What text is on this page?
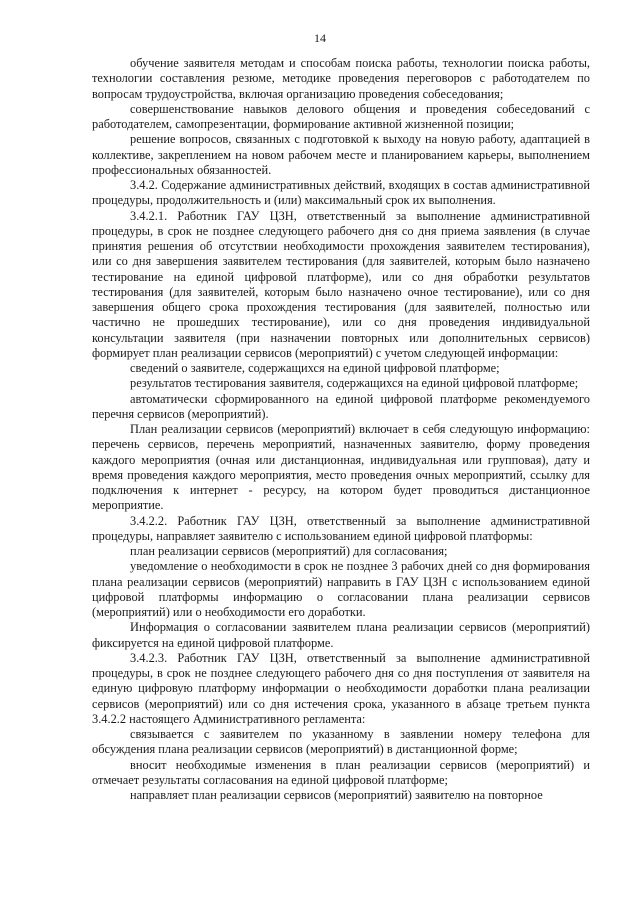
14

обучение заявителя методам и способам поиска работы, технологии поиска работы, технологии составления резюме, методике проведения переговоров с работодателем по вопросам трудоустройства, включая организацию проведения собеседования;

совершенствование навыков делового общения и проведения собеседований с работодателем, самопрезентации, формирование активной жизненной позиции;

решение вопросов, связанных с подготовкой к выходу на новую работу, адаптацией в коллективе, закреплением на новом рабочем месте и планированием карьеры, выполнением профессиональных обязанностей.

3.4.2. Содержание административных действий, входящих в состав административной процедуры, продолжительность и (или) максимальный срок их выполнения.

3.4.2.1. Работник ГАУ ЦЗН, ответственный за выполнение административной процедуры, в срок не позднее следующего рабочего дня со дня приема заявления (в случае принятия решения об отсутствии необходимости прохождения заявителем тестирования), или со дня завершения заявителем тестирования (для заявителей, которым было назначено тестирование на единой цифровой платформе), или со дня обработки результатов тестирования (для заявителей, которым было назначено очное тестирование), или со дня завершения общего срока прохождения тестирования (для заявителей, полностью или частично не прошедших тестирование), или со дня проведения индивидуальной консультации заявителя (при назначении повторных или дополнительных сервисов) формирует план реализации сервисов (мероприятий) с учетом следующей информации:

сведений о заявителе, содержащихся на единой цифровой платформе;

результатов тестирования заявителя, содержащихся на единой цифровой платформе;

автоматически сформированного на единой цифровой платформе рекомендуемого перечня сервисов (мероприятий).

План реализации сервисов (мероприятий) включает в себя следующую информацию: перечень сервисов, перечень мероприятий, назначенных заявителю, форму проведения каждого мероприятия (очная или дистанционная, индивидуальная или групповая), дату и время проведения каждого мероприятия, место проведения очных мероприятий, ссылку для подключения к интернет - ресурсу, на котором будет проводиться дистанционное мероприятие.

3.4.2.2. Работник ГАУ ЦЗН, ответственный за выполнение административной процедуры, направляет заявителю с использованием единой цифровой платформы:

план реализации сервисов (мероприятий) для согласования;

уведомление о необходимости в срок не позднее 3 рабочих дней со дня формирования плана реализации сервисов (мероприятий) направить в ГАУ ЦЗН с использованием единой цифровой платформы информацию о согласовании плана реализации сервисов (мероприятий) или о необходимости его доработки.

Информация о согласовании заявителем плана реализации сервисов (мероприятий) фиксируется на единой цифровой платформе.

3.4.2.3. Работник ГАУ ЦЗН, ответственный за выполнение административной процедуры, в срок не позднее следующего рабочего дня со дня поступления от заявителя на единую цифровую платформу информации о необходимости доработки плана реализации сервисов (мероприятий) или со дня истечения срока, указанного в абзаце третьем пункта 3.4.2.2 настоящего Административного регламента:

связывается с заявителем по указанному в заявлении номеру телефона для обсуждения плана реализации сервисов (мероприятий) в дистанционной форме;

вносит необходимые изменения в план реализации сервисов (мероприятий) и отмечает результаты согласования на единой цифровой платформе;

направляет план реализации сервисов (мероприятий) заявителю на повторное
